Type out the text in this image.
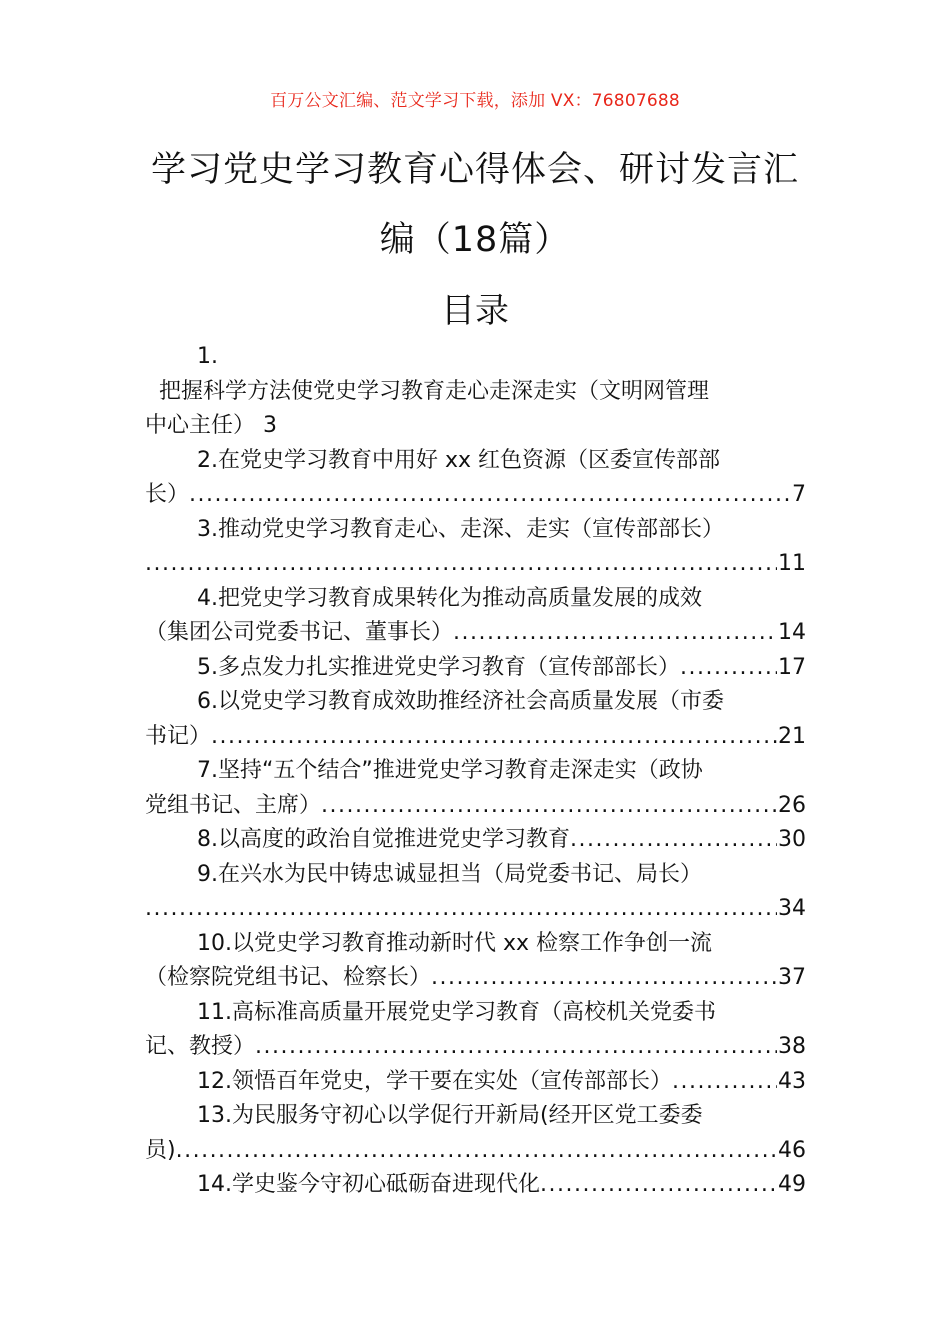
百万公文汇编、范文学习下载，添加 VX：76807688
学习党史学习教育心得体会、研讨发言汇
编（18篇）
目录
1.
把握科学方法使党史学习教育走心走深走实（文明网管理
中心主任） 3
2.在党史学习教育中用好 xx 红色资源（区委宣传部部
长） .....	7
3.推动党史学习教育走心、走深、走实（宣传部部长）
.....
11
4.把党史学习教育成果转化为推动高质量发展的成效
（集团公司党委书记、董事长） .....	14
5.多点发力扎实推进党史学习教育（宣传部部长） .....	17
6.以党史学习教育成效助推经济社会高质量发展（市委
书记） .....	21
7.坚持“五个结合”推进党史学习教育走深走实（政协
党组书记、主席） .....	26
8.以高度的政治自觉推进党史学习教育 .....	30
9.在兴水为民中铸忠诚显担当（局党委书记、局长）
.....
34
10.以党史学习教育推动新时代 xx 检察工作争创一流
（检察院党组书记、检察长） .....	37
11.高标准高质量开展党史学习教育（高校机关党委书
记、教授） .....	38
12.领悟百年党史，学干要在实处（宣传部部长） .....	43
13.为民服务守初心以学促行开新局(经开区党工委委
员) .....	46
14.学史鉴今守初心砥砺奋进现代化 .....	49
